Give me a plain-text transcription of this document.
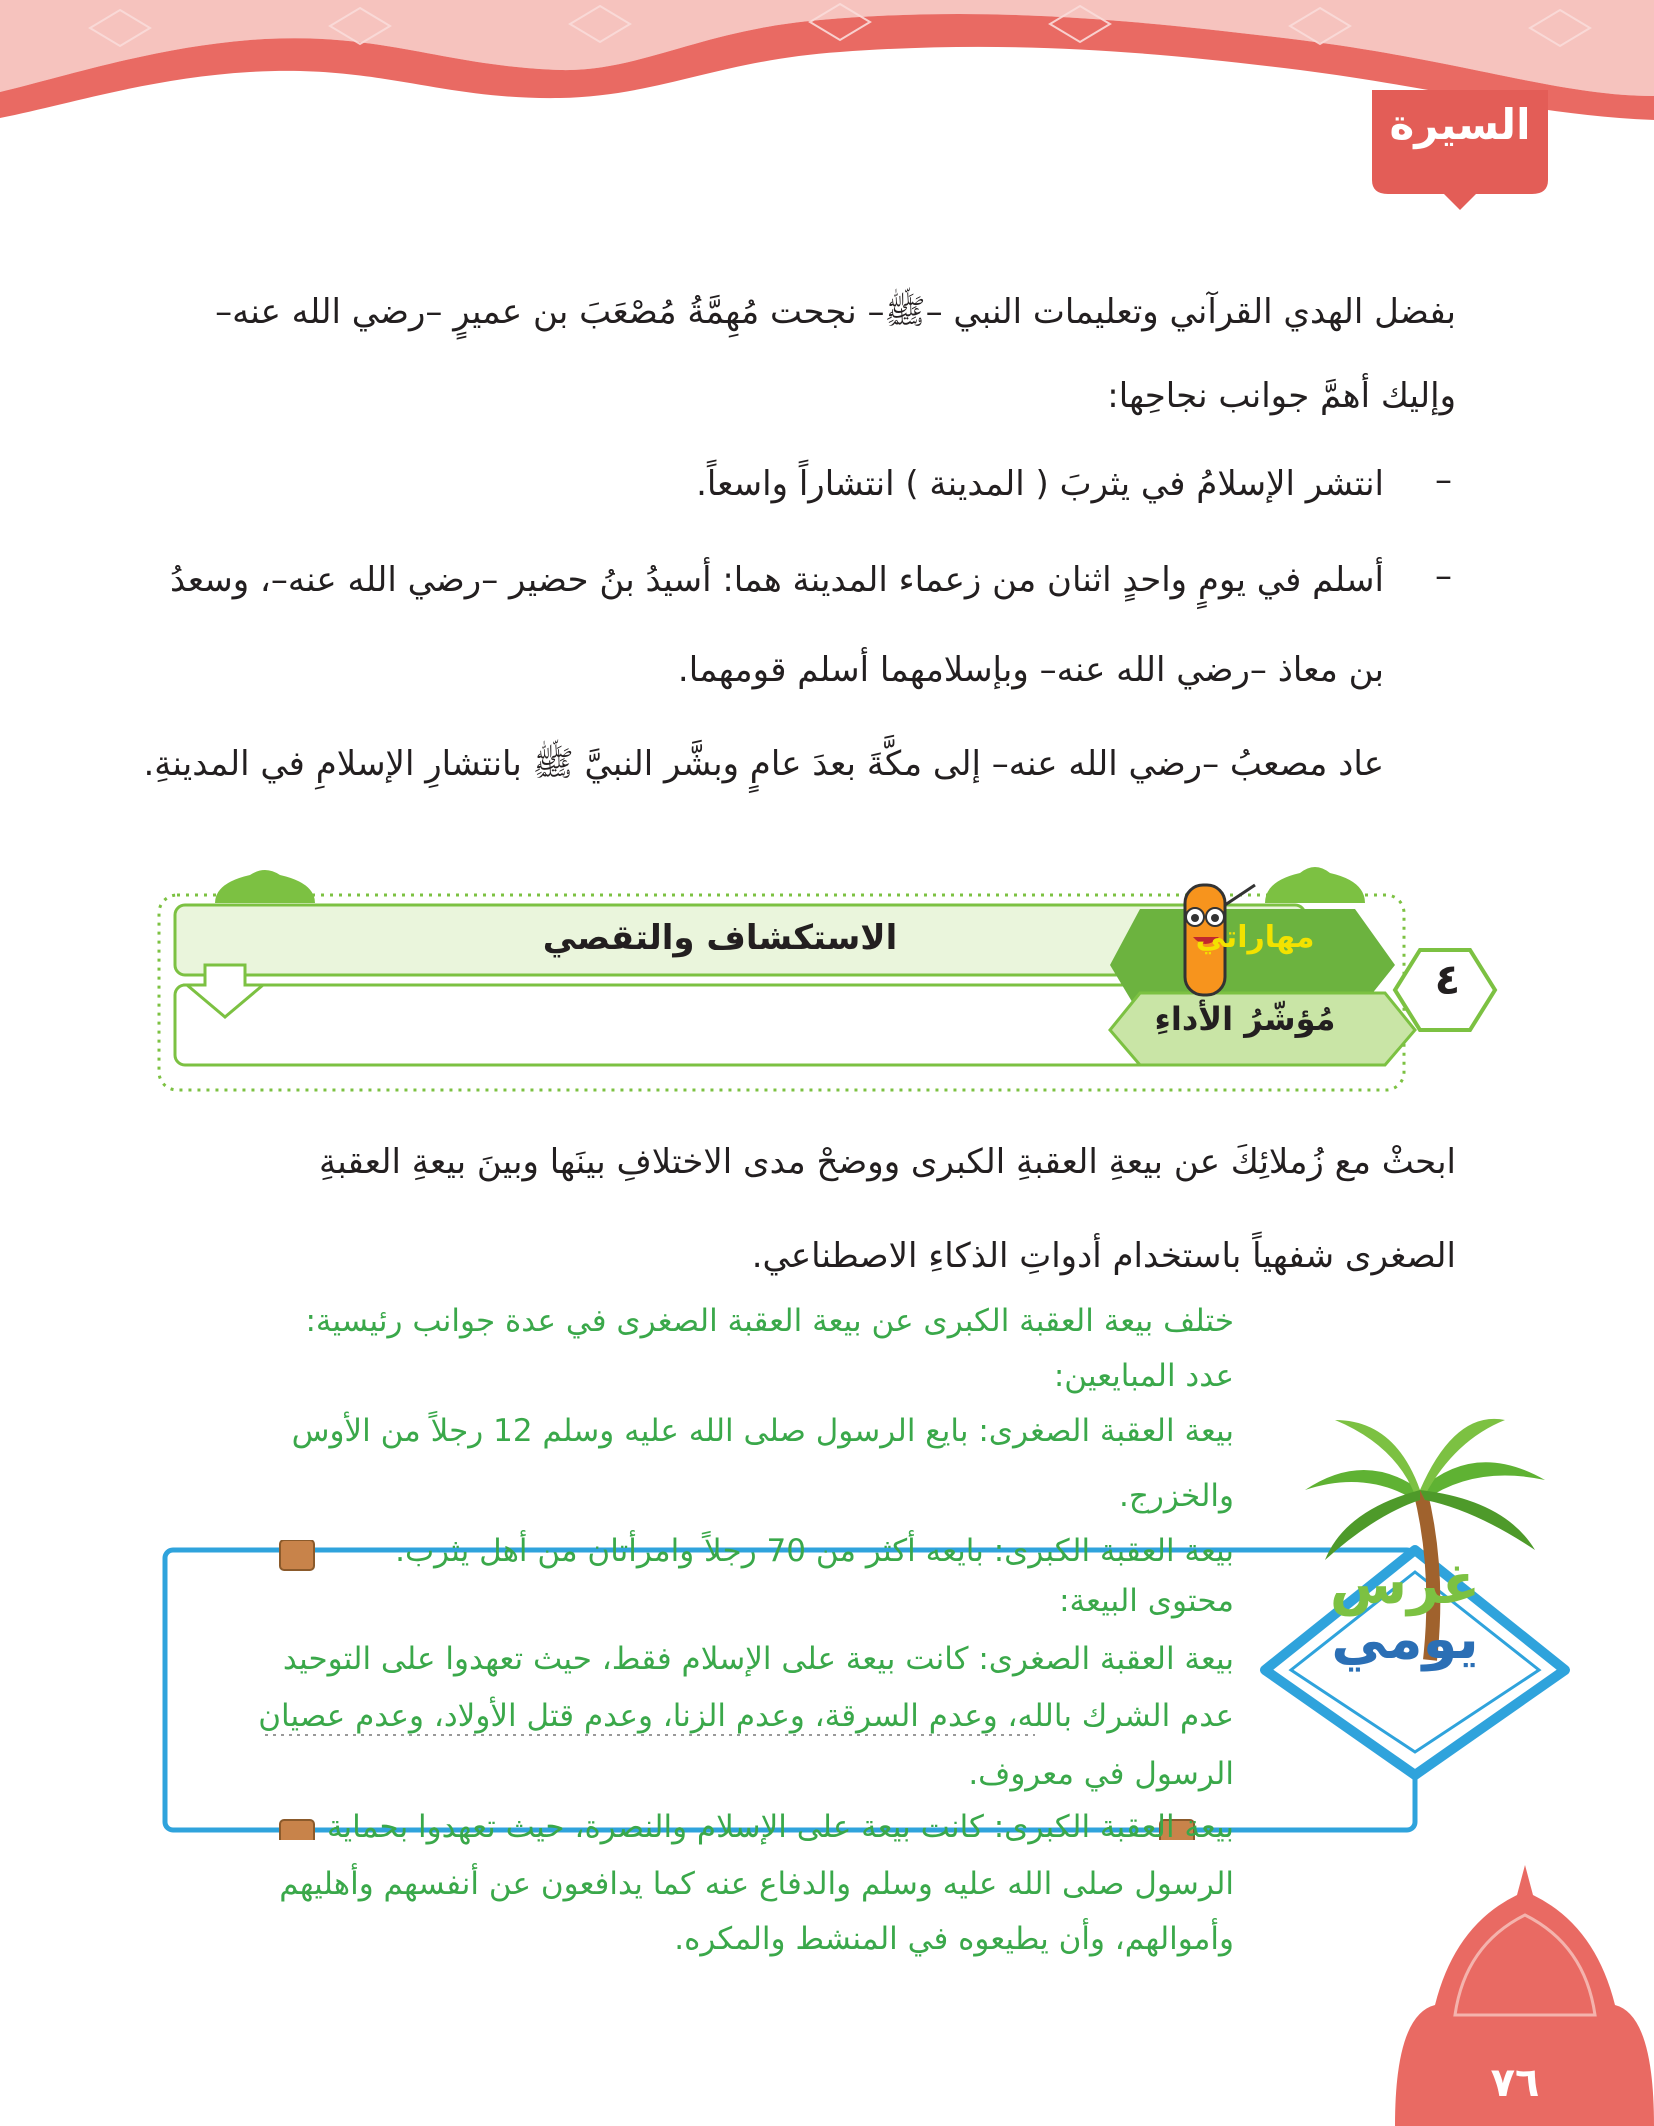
السيرة
بفضل الهدي القرآني وتعليمات النبي –ﷺ– نجحت مُهِمَّةُ مُصْعَبَ بن عميرٍ –رضي الله عنه–
وإليك أهمَّ جوانب نجاحِها:
–
انتشر الإسلامُ في يثربَ ( المدينة ) انتشاراً واسعاً.
–
أسلم في يومٍ واحدٍ اثنان من زعماء المدينة هما: أسيدُ بنُ حضير –رضي الله عنه–، وسعدُ
بن معاذ –رضي الله عنه– وبإسلامهما أسلم قومهما.
عاد مصعبُ –رضي الله عنه– إلى مكَّةَ بعدَ عامٍ وبشَّر النبيَّ ﷺ بانتشارِ الإسلامِ في المدينةِ.
الاستكشاف والتقصي	مهاراتي
مُؤشّرُ الأداءِ
٤
ابحثْ مع زُملائِكَ عن بيعةِ العقبةِ الكبرى ووضحْ مدى الاختلافِ بينَها وبينَ بيعةِ العقبةِ
الصغرى شفهياً باستخدام أدواتِ الذكاءِ الاصطناعي.
غرس
يومي
ختلف بيعة العقبة الكبرى عن بيعة العقبة الصغرى في عدة جوانب رئيسية:
عدد المبايعين:
بيعة العقبة الصغرى: بايع الرسول صلى الله عليه وسلم 12 رجلاً من الأوس
والخزرج.
بيعة العقبة الكبرى: بايعه أكثر من 70 رجلاً وامرأتان من أهل يثرب.
محتوى البيعة:
بيعة العقبة الصغرى: كانت بيعة على الإسلام فقط، حيث تعهدوا على التوحيد
عدم الشرك بالله، وعدم السرقة، وعدم الزنا، وعدم قتل الأولاد، وعدم عصيان
الرسول في معروف.
بيعة العقبة الكبرى: كانت بيعة على الإسلام والنصرة، حيث تعهدوا بحماية
الرسول صلى الله عليه وسلم والدفاع عنه كما يدافعون عن أنفسهم وأهليهم
وأموالهم، وأن يطيعوه في المنشط والمكره.
٧٦
